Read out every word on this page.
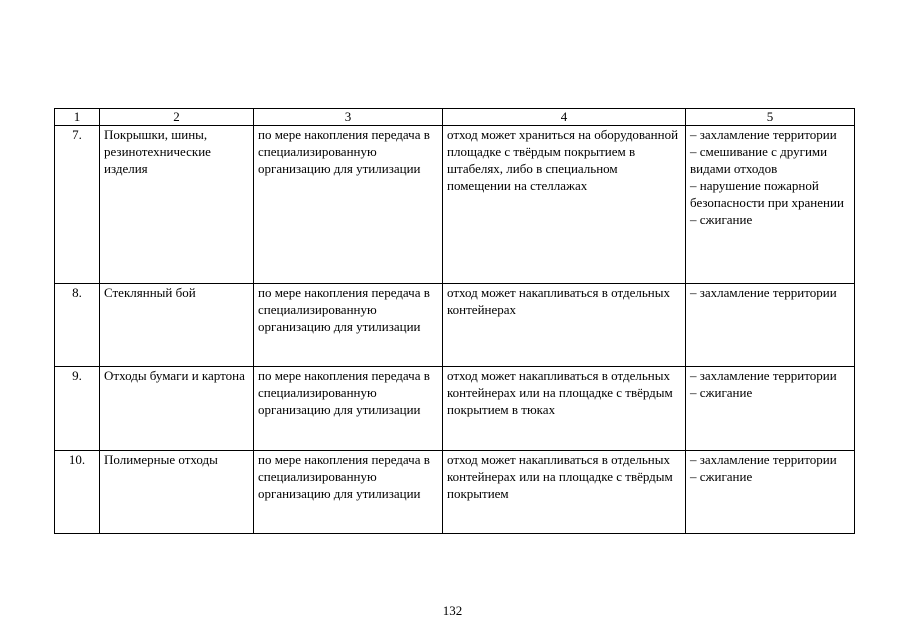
1	2	3	4	5
7.	Покрышки, шины, резинотехнические изделия	по мере накопления передача в специализированную организацию для утилизации	отход может храниться на оборудованной площадке с твёрдым покрытием в штабелях, либо в специальном помещении на стеллажах	– захламление территории
– смешивание с другими видами отходов
– нарушение пожарной безопасности при хранении
– сжигание

8.	Стеклянный бой	по мере накопления передача в специализированную организацию для утилизации	отход может накапливаться в отдельных контейнерах	– захламление территории

9.	Отходы бумаги и картона	по мере накопления передача в специализированную организацию для утилизации	отход может накапливаться в отдельных контейнерах или на площадке с твёрдым покрытием в тюках	– захламление территории
– сжигание

10.	Полимерные отходы	по мере накопления передача в специализированную организацию для утилизации	отход может накапливаться в отдельных контейнерах или на площадке с твёрдым покрытием	– захламление территории
– сжигание
132
